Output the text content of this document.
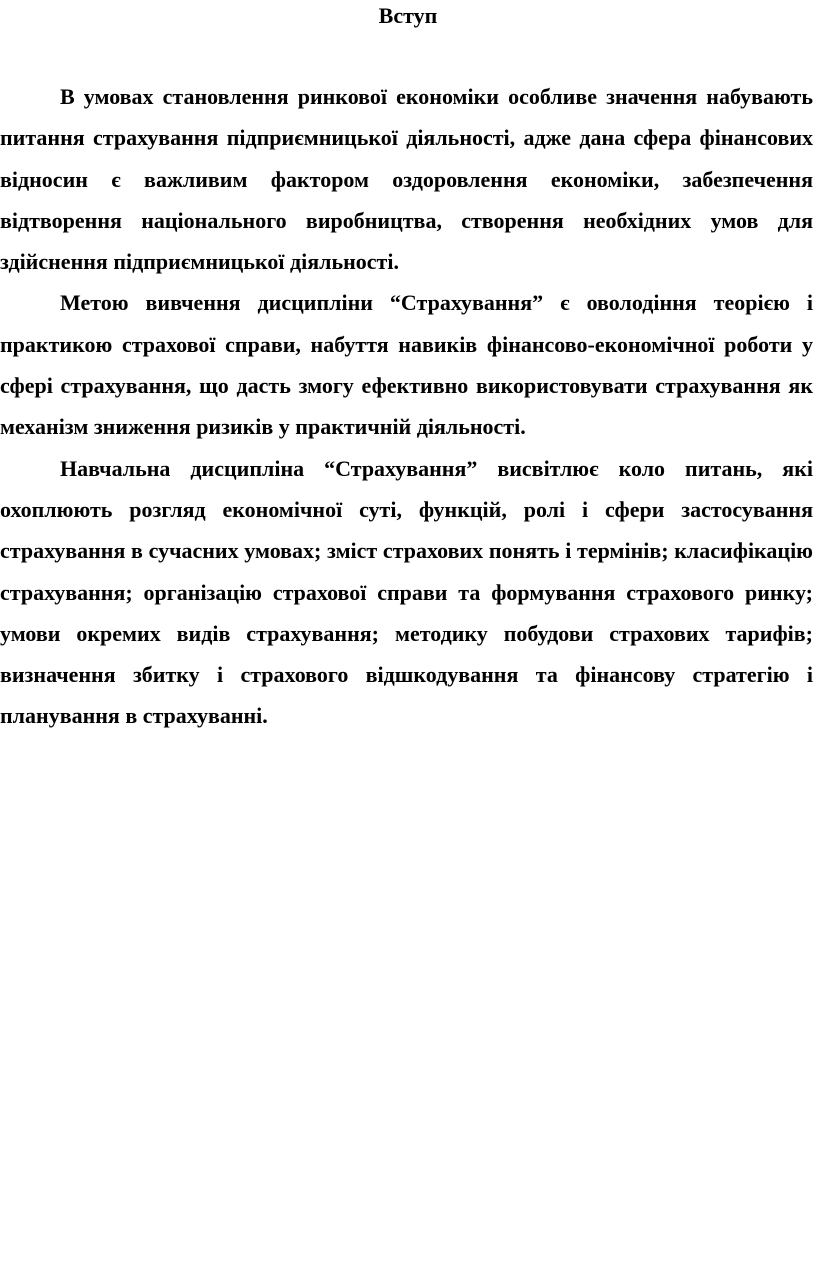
Вступ

В умовах становлення ринкової економіки особливе значення набувають питання страхування підприємницької діяльності, адже дана сфера фінансових відносин є важливим фактором оздоровлення економіки, забезпечення відтворення національного виробництва, створення необхідних умов для здійснення підприємницької діяльності.

Метою вивчення дисципліни “Страхування” є оволодіння теорією і практикою страхової справи, набуття навиків фінансово-економічної роботи у сфері страхування, що дасть змогу ефективно використовувати страхування як механізм зниження ризиків у практичній діяльності.

Навчальна дисципліна “Страхування” висвітлює коло питань, які охоплюють розгляд економічної суті, функцій, ролі і сфери застосування страхування в сучасних умовах; зміст страхових понять і термінів; класифікацію страхування; організацію страхової справи та формування страхового ринку; умови окремих видів страхування; методику побудови страхових тарифів; визначення збитку і страхового відшкодування та фінансову стратегію і планування в страхуванні.
